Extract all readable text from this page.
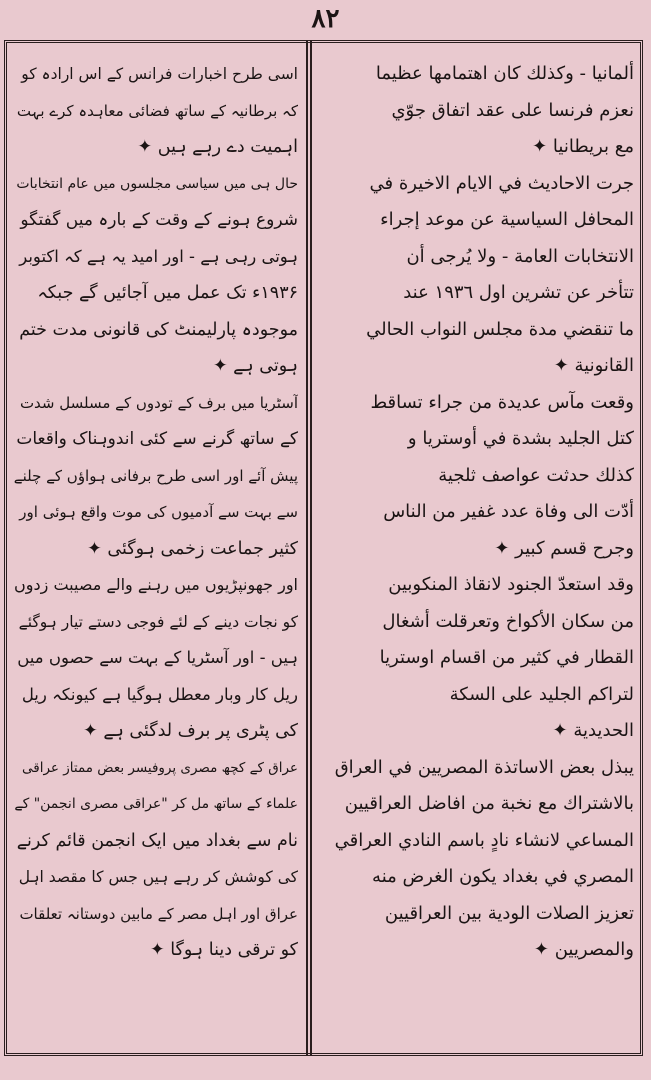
٨٢
اسی طرح اخبارات فرانس کے اس ارادہ کو
کہ برطانیہ کے ساتھ فضائی معاہدہ کرے بہت
اہمیت دے رہے ہیں ✦
حال ہی میں سیاسی مجلسوں میں عام انتخابات
شروع ہونے کے وقت کے بارہ میں گفتگو
ہوتی رہی ہے - اور امید یہ ہے کہ اکتوبر
۱۹۳۶ء تک عمل میں آجائیں گے جبکہ
موجودہ پارلیمنٹ کی قانونی مدت ختم
ہوتی ہے ✦
آسٹریا میں برف کے تودوں کے مسلسل شدت
کے ساتھ گرنے سے کئی اندوہناک واقعات
پیش آئے اور اسی طرح برفانی ہواؤں کے چلنے
سے بہت سے آدمیوں کی موت واقع ہوئی اور
کثیر جماعت زخمی ہوگئی ✦
اور جھونپڑیوں میں رہنے والے مصیبت زدوں
کو نجات دینے کے لئے فوجی دستے تیار ہوگئے
ہیں - اور آسٹریا کے بہت سے حصوں میں
ریل کار وبار معطل ہوگیا ہے کیونکہ ریل
کی پٹری پر برف لدگئی ہے ✦
عراق کے کچھ مصری پروفیسر بعض ممتاز عراقی
علماء کے ساتھ مل کر "عراقی مصری انجمن" کے
نام سے بغداد میں ایک انجمن قائم کرنے
کی کوشش کر رہے ہیں جس کا مقصد اہل
عراق اور اہل مصر کے مابین دوستانہ تعلقات
کو ترقی دینا ہوگا ✦
ألمانيا - وكذلك كان اهتمامها عظيما
نعزم فرنسا على عقد اتفاق جوّي
مع بريطانيا ✦
جرت الاحاديث في الايام الاخيرة في
المحافل السياسية عن موعد إجراء
الانتخابات العامة - ولا يُرجى أن
تتأخر عن تشرين اول ١٩٣٦ عند
ما تنقضي مدة مجلس النواب الحالي
القانونية ✦
وقعت مآس عديدة من جراء تساقط
كتل الجليد بشدة في أوستريا و
كذلك حدثت عواصف ثلجية
أدّت الى وفاة عدد غفير من الناس
وجرح قسم كبير ✦
وقد استعدّ الجنود لانقاذ المنكوبين
من سكان الأكواخ وتعرقلت أشغال
القطار في كثير من اقسام اوستريا
لتراكم الجليد على السكة
الحديدية ✦
يبذل بعض الاساتذة المصريين في العراق
بالاشتراك مع نخبة من افاضل العراقيين
المساعي لانشاء نادٍ باسم النادي العراقي
المصري في بغداد يكون الغرض منه
تعزيز الصلات الودية بين العراقيين
والمصريين ✦
